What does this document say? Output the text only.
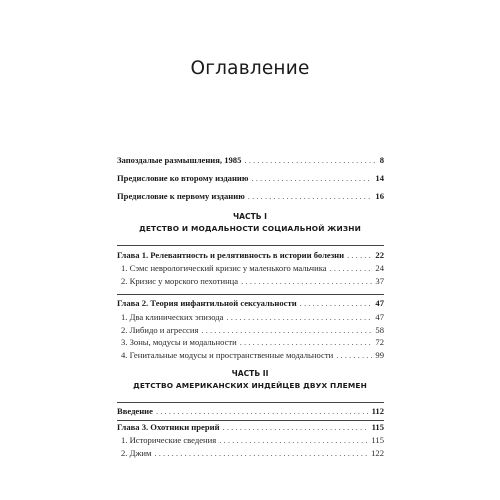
Оглавление
Запоздалые размышления, 1985 . . .	8
Предисловие ко второму изданию . . .	14
Предисловие к первому изданию . . .	16
ЧАСТЬ I
ДЕТСТВО И МОДАЛЬНОСТИ СОЦИАЛЬНОЙ ЖИЗНИ
Глава 1. Релевантность и релятивность в истории болезни . . .	22
1. Сэмс неврологический кризис у маленького мальчика . . .	24
2. Кризис у морского пехотинца . . .	37
Глава 2. Теория инфантильной сексуальности . . .	47
1. Два клинических эпизода . . .	47
2. Либидо и агрессия . . .	58
3. Зоны, модусы и модальности . . .	72
4. Генитальные модусы и пространственные модальности . . .	99
ЧАСТЬ II
ДЕТСТВО АМЕРИКАНСКИХ ИНДЕЙЦЕВ ДВУХ ПЛЕМЕН
Введение . . .	112
Глава 3. Охотники прерий . . .	115
1. Исторические сведения . . .	115
2. Джим . . .	122
